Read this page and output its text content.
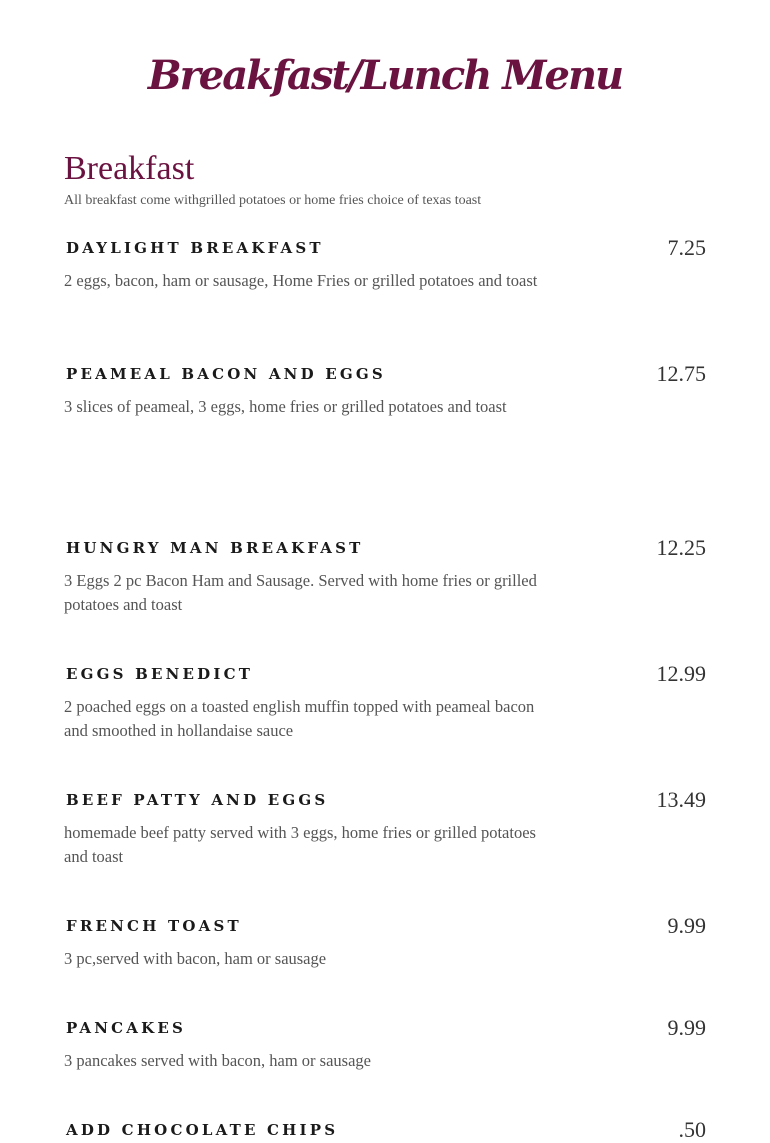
Breakfast/Lunch Menu
Breakfast
All breakfast come withgrilled potatoes or home fries choice of texas toast
DAYLIGHT BREAKFAST	7.25
2 eggs, bacon, ham or sausage, Home Fries or grilled potatoes and toast
PEAMEAL BACON AND EGGS	12.75
3 slices of peameal, 3 eggs, home fries or grilled potatoes and toast
HUNGRY MAN BREAKFAST	12.25
3 Eggs 2 pc Bacon Ham and Sausage. Served with home fries or grilled potatoes and toast
EGGS BENEDICT	12.99
2 poached eggs on a toasted english muffin topped with peameal bacon and smoothed in hollandaise sauce
BEEF PATTY AND EGGS	13.49
homemade beef patty served with 3 eggs, home fries or grilled potatoes and toast
FRENCH TOAST	9.99
3 pc,served with bacon, ham or sausage
PANCAKES	9.99
3 pancakes served with bacon, ham or sausage
ADD CHOCOLATE CHIPS	.50
